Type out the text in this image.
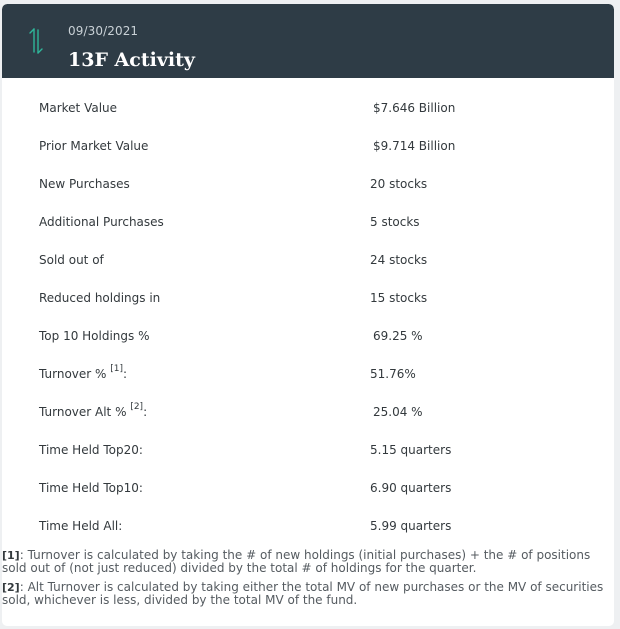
09/30/2021
13F Activity
Market Value	$7.646 Billion
Prior Market Value	$9.714 Billion
New Purchases	20 stocks
Additional Purchases	5 stocks
Sold out of	24 stocks
Reduced holdings in	15 stocks
Top 10 Holdings %	69.25 %
Turnover % [1]:	51.76%
Turnover Alt % [2]:	25.04 %
Time Held Top20:	5.15 quarters
Time Held Top10:	6.90 quarters
Time Held All:	5.99 quarters
[1]: Turnover is calculated by taking the # of new holdings (initial purchases) + the # of positions sold out of (not just reduced) divided by the total # of holdings for the quarter.
[2]: Alt Turnover is calculated by taking either the total MV of new purchases or the MV of securities sold, whichever is less, divided by the total MV of the fund.
